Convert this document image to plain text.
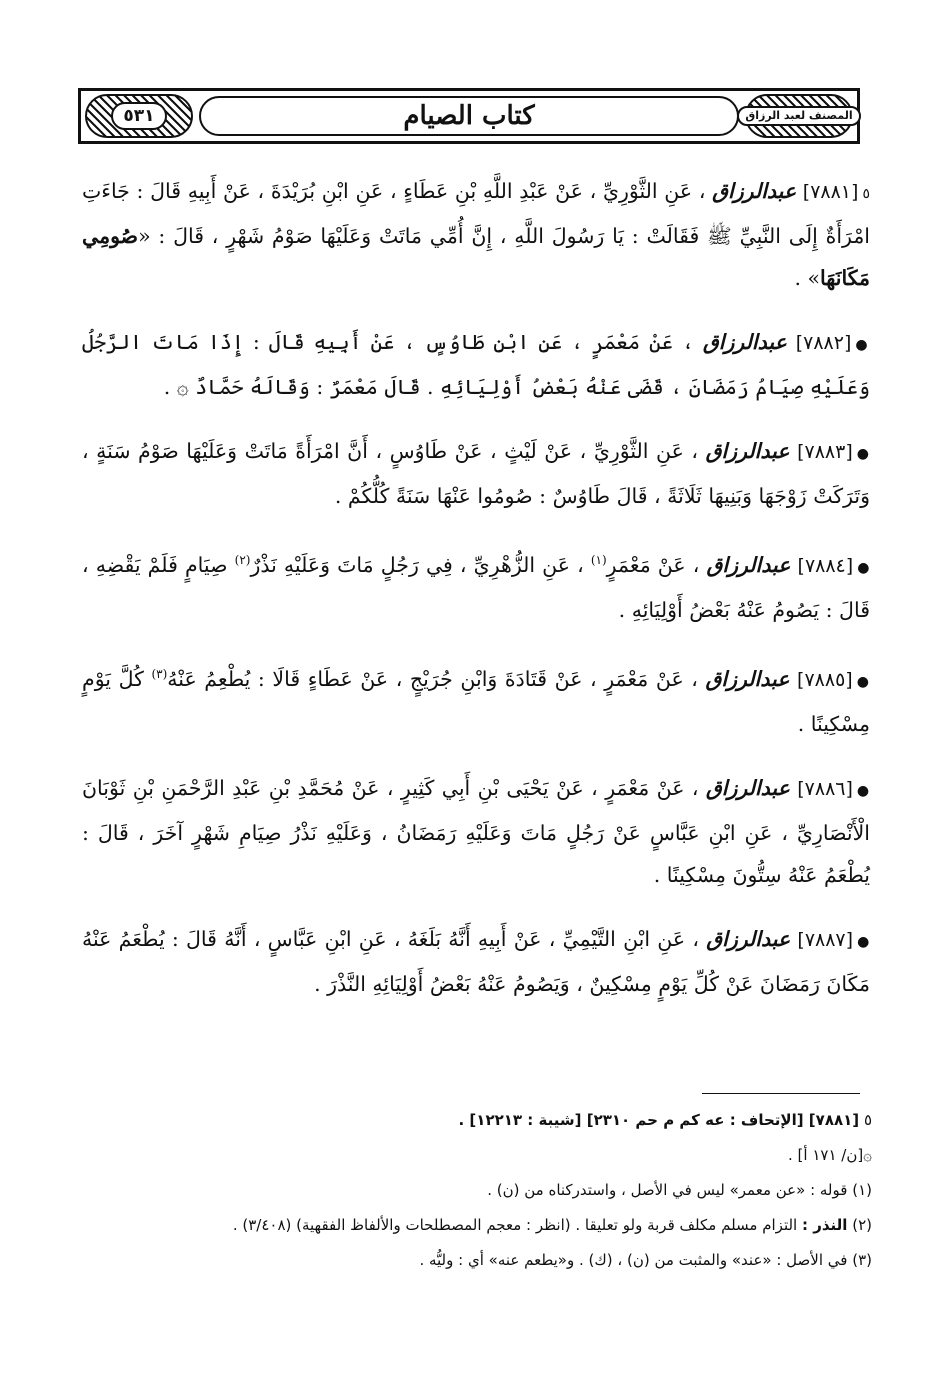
٥٣١	كتاب الصيام	المصنف لعبد الرزاق

٥[٧٨٨١] عبدالرزاق ، عَنِ الثَّوْرِيِّ ، عَنْ عَبْدِ اللَّهِ بْنِ عَطَاءٍ ، عَنِ ابْنِ بُرَيْدَةَ ، عَنْ أَبِيهِ قَالَ : جَاءَتِ امْرَأَةٌ إِلَى النَّبِيِّ ﷺ فَقَالَتْ : يَا رَسُولَ اللَّهِ ، إِنَّ أُمِّي مَاتَتْ وَعَلَيْهَا صَوْمُ شَهْرٍ ، قَالَ : «صُومِي مَكَانَهَا» .

●[٧٨٨٢] عبدالرزاق ، عَنْ مَعْمَرٍ ، عَنِ ابْنِ طَاوُسٍ ، عَنْ أَبِيهِ قَالَ : إِذَا مَاتَ الرَّجُلُ وَعَلَيْهِ صِيَامُ رَمَضَانَ ، قَضَى عَنْهُ بَعْضُ أَوْلِيَائِهِ . قَالَ مَعْمَرٌ : وَقَالَهُ حَمَّادٌ ۞ .

●[٧٨٨٣] عبدالرزاق ، عَنِ الثَّوْرِيِّ ، عَنْ لَيْثٍ ، عَنْ طَاوُسٍ ، أَنَّ امْرَأَةً مَاتَتْ وَعَلَيْهَا صَوْمُ سَنَةٍ ، وَتَرَكَتْ زَوْجَهَا وَبَنِيهَا ثَلَاثَةً ، قَالَ طَاوُسٌ : صُومُوا عَنْهَا سَنَةً كُلُّكُمْ .

●[٧٨٨٤] عبدالرزاق ، عَنْ مَعْمَرٍ$^{(١)}$ ، عَنِ الزُّهْرِيِّ ، فِي رَجُلٍ مَاتَ وَعَلَيْهِ نَذْرٌ$^{(٢)}$ صِيَامٍ فَلَمْ يَقْضِهِ ، قَالَ : يَصُومُ عَنْهُ بَعْضُ أَوْلِيَائِهِ .

●[٧٨٨٥] عبدالرزاق ، عَنْ مَعْمَرٍ ، عَنْ قَتَادَةَ وَابْنِ جُرَيْجٍ ، عَنْ عَطَاءٍ قَالَا : يُطْعِمُ عَنْهُ$^{(٣)}$ كُلَّ يَوْمٍ مِسْكِينًا .

●[٧٨٨٦] عبدالرزاق ، عَنْ مَعْمَرٍ ، عَنْ يَحْيَى بْنِ أَبِي كَثِيرٍ ، عَنْ مُحَمَّدِ بْنِ عَبْدِ الرَّحْمَنِ بْنِ ثَوْبَانَ الْأَنْصَارِيِّ ، عَنِ ابْنِ عَبَّاسٍ عَنْ رَجُلٍ مَاتَ وَعَلَيْهِ رَمَضَانُ ، وَعَلَيْهِ نَذْرُ صِيَامِ شَهْرٍ آخَرَ ، قَالَ : يُطْعَمُ عَنْهُ سِتُّونَ مِسْكِينًا .

●[٧٨٨٧] عبدالرزاق ، عَنِ ابْنِ التَّيْمِيِّ ، عَنْ أَبِيهِ أَنَّهُ بَلَغَهُ ، عَنِ ابْنِ عَبَّاسٍ ، أَنَّهُ قَالَ : يُطْعَمُ عَنْهُ مَكَانَ رَمَضَانَ عَنْ كُلِّ يَوْمٍ مِسْكِينٌ ، وَيَصُومُ عَنْهُ بَعْضُ أَوْلِيَائِهِ النَّذْرَ .

٥ [٧٨٨١] [الإتحاف : عه كم م حم ٢٣١٠] [شيبة : ١٢٢١٣] .

۞[ن/ ١٧١ أ] .

(١) قوله : «عن معمر» ليس في الأصل ، واستدركناه من (ن) .

(٢) النذر : التزام مسلم مكلف قربة ولو تعليقا . (انظر : معجم المصطلحات والألفاظ الفقهية) (٣/٤٠٨) .

(٣) في الأصل : «عند» والمثبت من (ن) ، (ك) . و«يطعم عنه» أي : وليُّه .
